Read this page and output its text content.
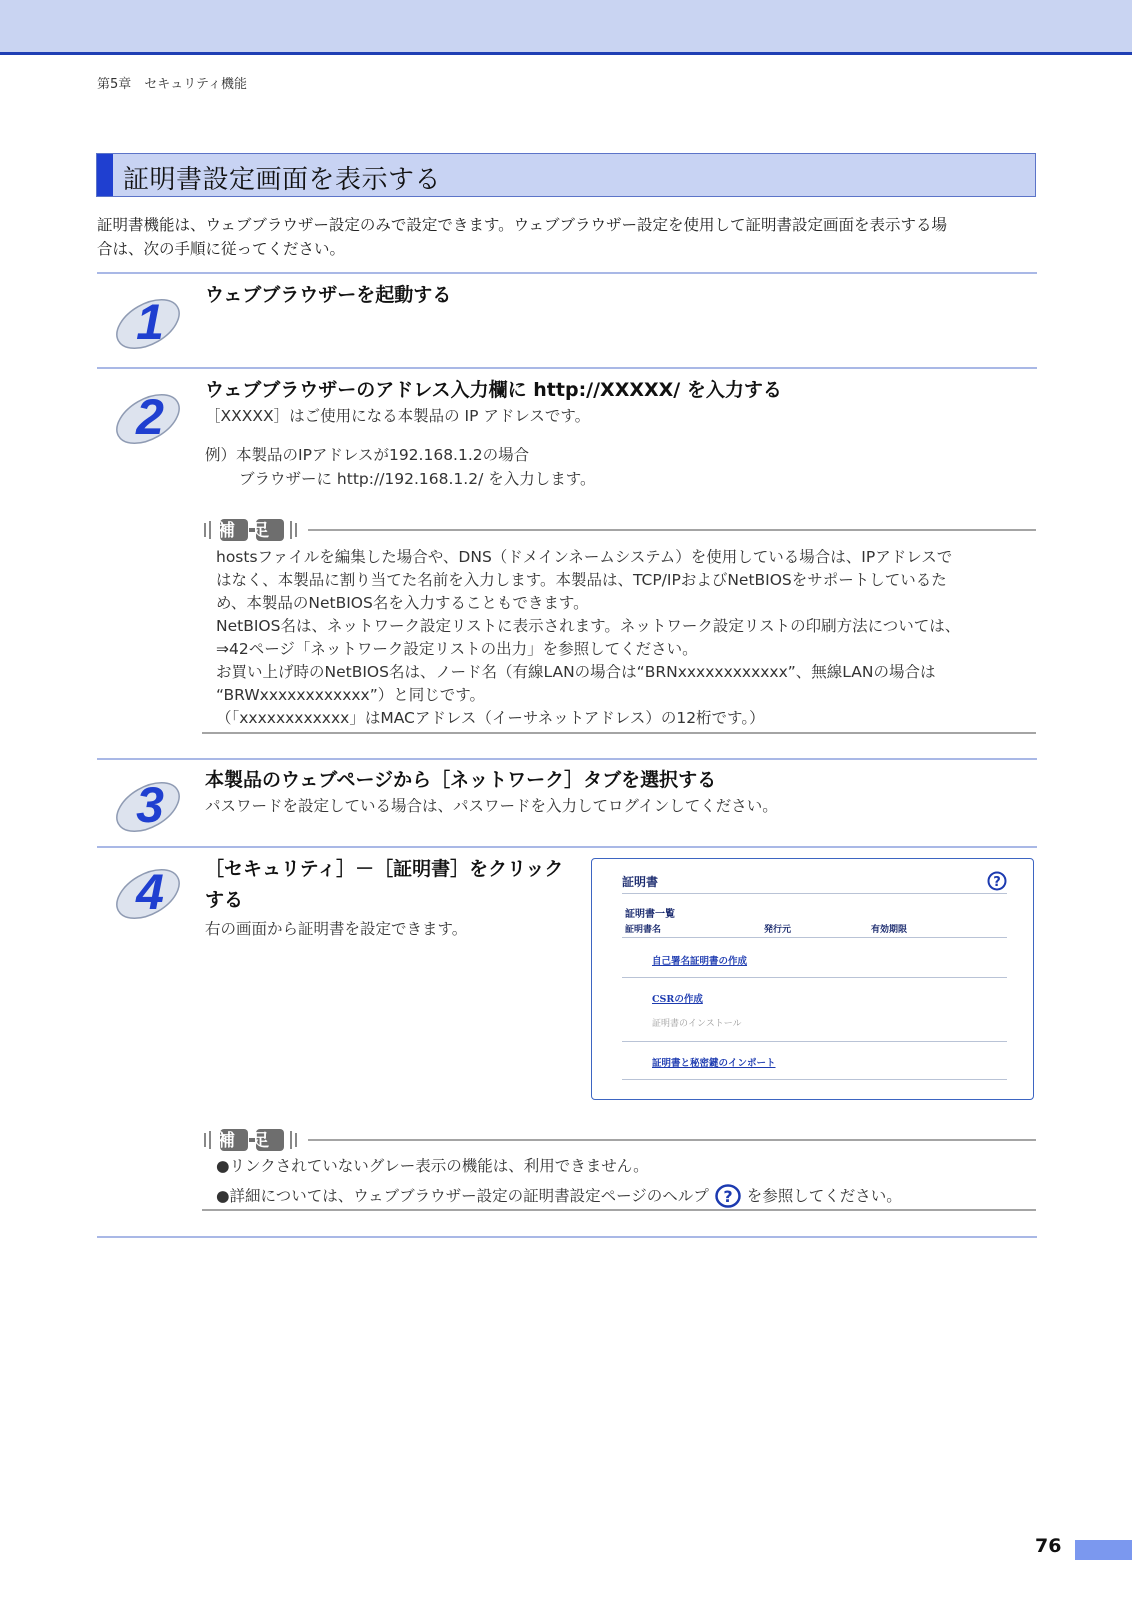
第5章　セキュリティ機能
証明書設定画面を表示する
証明書機能は、ウェブブラウザー設定のみで設定できます。ウェブブラウザー設定を使用して証明書設定画面を表示する場
合は、次の手順に従ってください。
1 ウェブブラウザーを起動する
2 ウェブブラウザーのアドレス入力欄に http://XXXXX/ を入力する
［XXXXX］はご使用になる本製品の IP アドレスです。
例）本製品のIPアドレスが192.168.1.2の場合
ブラウザーに http://192.168.1.2/ を入力します。
補足
hostsファイルを編集した場合や、DNS（ドメインネームシステム）を使用している場合は、IPアドレスで
はなく、本製品に割り当てた名前を入力します。本製品は、TCP/IPおよびNetBIOSをサポートしているた
め、本製品のNetBIOS名を入力することもできます。
NetBIOS名は、ネットワーク設定リストに表示されます。ネットワーク設定リストの印刷方法については、
⇒42ページ「ネットワーク設定リストの出力」を参照してください。
お買い上げ時のNetBIOS名は、ノード名（有線LANの場合は“BRNxxxxxxxxxxxx”、無線LANの場合は
“BRWxxxxxxxxxxxx”）と同じです。
（「xxxxxxxxxxxx」はMACアドレス（イーサネットアドレス）の12桁です。）
3 本製品のウェブページから［ネットワーク］タブを選択する
パスワードを設定している場合は、パスワードを入力してログインしてください。
4 ［セキュリティ］－［証明書］をクリック
する
右の画面から証明書を設定できます。
証明書	?
証明書一覧
証明書名	発行元	有効期限
自己署名証明書の作成
CSRの作成
証明書のインストール
証明書と秘密鍵のインポート
補足
●リンクされていないグレー表示の機能は、利用できません。
●詳細については、ウェブブラウザー設定の証明書設定ページのヘルプ ? を参照してください。
76
